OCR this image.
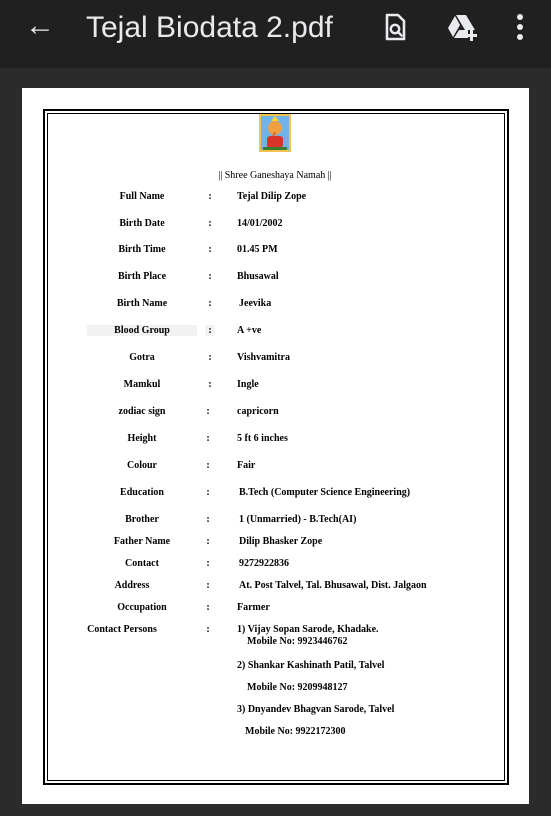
← Tejal Biodata 2.pdf
|| Shree Ganeshaya Namah ||
Full Name	:	Tejal Dilip Zope
Birth Date	:	14/01/2002
Birth Time	:	01.45 PM
Birth Place	:	Bhusawal
Birth Name	:	Jeevika
Blood Group	:	A +ve
Gotra	:	Vishvamitra
Mamkul	:	Ingle
zodiac sign	:	capricorn
Height	:	5 ft 6 inches
Colour	:	Fair
Education	:	B.Tech (Computer Science Engineering)
Brother	:	1 (Unmarried) - B.Tech(AI)
Father Name	:	Dilip Bhasker Zope
Contact	:	9272922836
Address	:	At. Post Talvel, Tal. Bhusawal, Dist. Jalgaon
Occupation	:	Farmer
Contact Persons	:	1) Vijay Sopan Sarode, Khadake.
Mobile No: 9923446762
2) Shankar Kashinath Patil, Talvel
Mobile No: 9209948127
3) Dnyandev Bhagvan Sarode, Talvel
Mobile No: 9922172300
